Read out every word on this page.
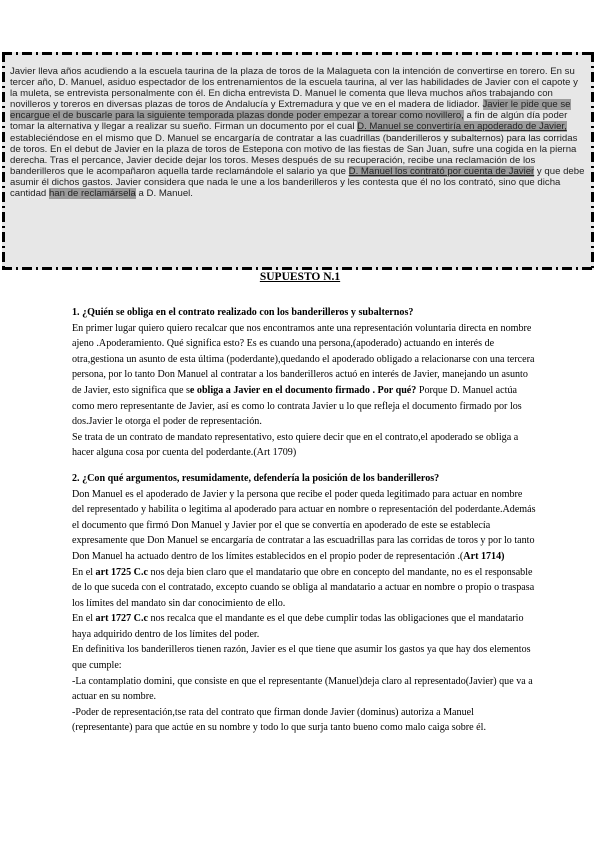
Javier lleva años acudiendo a la escuela taurina de la plaza de toros de la Malagueta con la intención de convertirse en torero. En su tercer año, D. Manuel, asiduo espectador de los entrenamientos de la escuela taurina, al ver las habilidades de Javier con el capote y la muleta, se entrevista personalmente con él. En dicha entrevista D. Manuel le comenta que lleva muchos años trabajando con novilleros y toreros en diversas plazas de toros de Andalucía y Extremadura y que ve en el madera de lidiador. Javier le pide que se encargue el de buscarle para la siguiente temporada plazas donde poder empezar a torear como novillero, a fin de algún día poder tomar la alternativa y llegar a realizar su sueño. Firman un documento por el cual D. Manuel se convertiría en apoderado de Javier, estableciéndose en el mismo que D. Manuel se encargaría de contratar a las cuadrillas (banderilleros y subalternos) para las corridas de toros. En el debut de Javier en la plaza de toros de Estepona con motivo de las fiestas de San Juan, sufre una cogida en la pierna derecha. Tras el percance, Javier decide dejar los toros. Meses después de su recuperación, recibe una reclamación de los banderilleros que le acompañaron aquella tarde reclamándole el salario ya que D. Manuel los contrató por cuenta de Javier y que debe asumir él dichos gastos. Javier considera que nada le une a los banderilleros y les contesta que él no los contrató, sino que dicha cantidad han de reclamársela a D. Manuel.
SUPUESTO N.1

1. ¿Quién se obliga en el contrato realizado con los banderilleros y subalternos?

En primer lugar quiero quiero recalcar que nos encontramos ante una representación voluntaria directa en nombre ajeno .Apoderamiento. Qué significa esto? Es es cuando una persona,(apoderado) actuando en interés de otra,gestiona un asunto de esta última (poderdante),quedando el apoderado obligado a relacionarse con una tercera persona, por lo tanto Don Manuel al contratar a los banderilleros actuó en interés de Javier, manejando un asunto de Javier, esto significa que se obliga a Javier en el documento firmado . Por qué? Porque D. Manuel actúa como mero representante de Javier, así es como lo contrata Javier u lo que refleja el documento firmado por los dos.Javier le otorga el poder de representación.

Se trata de un contrato de mandato representativo, esto quiere decir que en el contrato,el apoderado se obliga a hacer alguna cosa por cuenta del poderdante.(Art 1709)

2. ¿Con qué argumentos, resumidamente, defendería la posición de los banderilleros?

Don Manuel es el apoderado de Javier y la persona que recibe el poder queda legitimado para actuar en nombre del representado y habilita o legitima al apoderado para actuar en nombre o representación del poderdante.Además el documento que firmó Don Manuel y Javier por el que se convertía en apoderado de este se establecía expresamente que Don Manuel se encargaría de contratar a las escuadrillas para las corridas de toros y por lo tanto Don Manuel ha actuado dentro de los límites establecidos en el propio poder de representación .(Art 1714)

En el art 1725 C.c nos deja bien claro que el mandatario que obre en concepto del mandante, no es el responsable de lo que suceda con el contratado, excepto cuando se obliga al mandatario a actuar en nombre o propio o traspasa los límites del mandato sin dar conocimiento de ello.

En el art 1727 C.c nos recalca que el mandante es el que debe cumplir todas las obligaciones que el mandatario haya adquirido dentro de los límites del poder.

En definitiva los banderilleros tienen razón, Javier es el que tiene que asumir los gastos ya que hay dos elementos que cumple:

-La contamplatio domini, que consiste en que el representante (Manuel)deja claro al representado(Javier) que va a actuar en su nombre.

-Poder de representación,tse rata del contrato que firman donde Javier (dominus) autoriza a Manuel (representante) para que actúe en su nombre y todo lo que surja tanto bueno como malo caiga sobre él.
